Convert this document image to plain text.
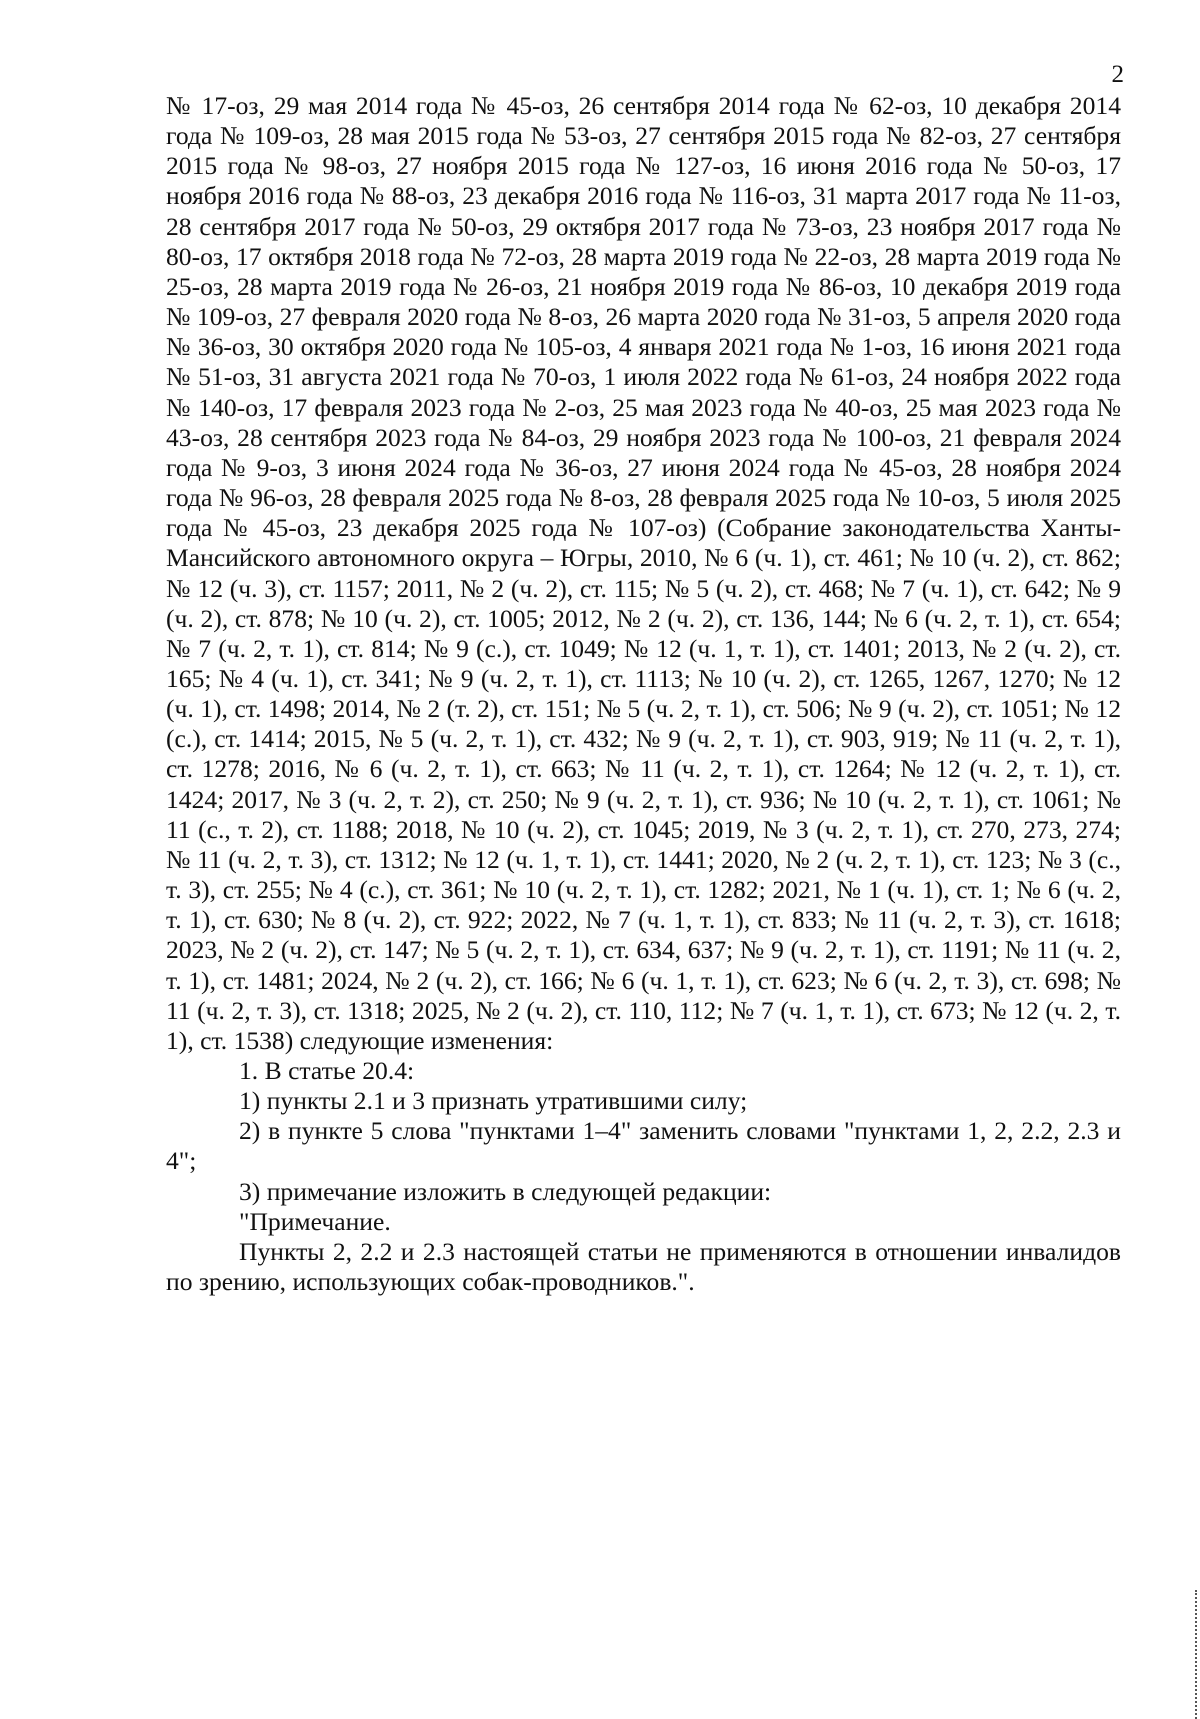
2

№ 17-оз, 29 мая 2014 года № 45-оз, 26 сентября 2014 года № 62-оз, 10 декабря 2014 года № 109-оз, 28 мая 2015 года № 53-оз, 27 сентября 2015 года № 82-оз, 27 сентября 2015 года № 98-оз, 27 ноября 2015 года № 127-оз, 16 июня 2016 года № 50-оз, 17 ноября 2016 года № 88-оз, 23 декабря 2016 года № 116-оз, 31 марта 2017 года № 11-оз, 28 сентября 2017 года № 50-оз, 29 октября 2017 года № 73-оз, 23 ноября 2017 года № 80-оз, 17 октября 2018 года № 72-оз, 28 марта 2019 года № 22-оз, 28 марта 2019 года № 25-оз, 28 марта 2019 года № 26-оз, 21 ноября 2019 года № 86-оз, 10 декабря 2019 года № 109-оз, 27 февраля 2020 года № 8-оз, 26 марта 2020 года № 31-оз, 5 апреля 2020 года № 36-оз, 30 октября 2020 года № 105-оз, 4 января 2021 года № 1-оз, 16 июня 2021 года № 51-оз, 31 августа 2021 года № 70-оз, 1 июля 2022 года № 61-оз, 24 ноября 2022 года № 140-оз, 17 февраля 2023 года № 2-оз, 25 мая 2023 года № 40-оз, 25 мая 2023 года № 43-оз, 28 сентября 2023 года № 84-оз, 29 ноября 2023 года № 100-оз, 21 февраля 2024 года № 9-оз, 3 июня 2024 года № 36-оз, 27 июня 2024 года № 45-оз, 28 ноября 2024 года № 96-оз, 28 февраля 2025 года № 8-оз, 28 февраля 2025 года № 10-оз, 5 июля 2025 года № 45-оз, 23 декабря 2025 года № 107-оз) (Собрание законодательства Ханты-Мансийского автономного округа – Югры, 2010, № 6 (ч. 1), ст. 461; № 10 (ч. 2), ст. 862; № 12 (ч. 3), ст. 1157; 2011, № 2 (ч. 2), ст. 115; № 5 (ч. 2), ст. 468; № 7 (ч. 1), ст. 642; № 9 (ч. 2), ст. 878; № 10 (ч. 2), ст. 1005; 2012, № 2 (ч. 2), ст. 136, 144; № 6 (ч. 2, т. 1), ст. 654; № 7 (ч. 2, т. 1), ст. 814; № 9 (с.), ст. 1049; № 12 (ч. 1, т. 1), ст. 1401; 2013, № 2 (ч. 2), ст. 165; № 4 (ч. 1), ст. 341; № 9 (ч. 2, т. 1), ст. 1113; № 10 (ч. 2), ст. 1265, 1267, 1270; № 12 (ч. 1), ст. 1498; 2014, № 2 (т. 2), ст. 151; № 5 (ч. 2, т. 1), ст. 506; № 9 (ч. 2), ст. 1051; № 12 (с.), ст. 1414; 2015, № 5 (ч. 2, т. 1), ст. 432; № 9 (ч. 2, т. 1), ст. 903, 919; № 11 (ч. 2, т. 1), ст. 1278; 2016, № 6 (ч. 2, т. 1), ст. 663; № 11 (ч. 2, т. 1), ст. 1264; № 12 (ч. 2, т. 1), ст. 1424; 2017, № 3 (ч. 2, т. 2), ст. 250; № 9 (ч. 2, т. 1), ст. 936; № 10 (ч. 2, т. 1), ст. 1061; № 11 (с., т. 2), ст. 1188; 2018, № 10 (ч. 2), ст. 1045; 2019, № 3 (ч. 2, т. 1), ст. 270, 273, 274; № 11 (ч. 2, т. 3), ст. 1312; № 12 (ч. 1, т. 1), ст. 1441; 2020, № 2 (ч. 2, т. 1), ст. 123; № 3 (с., т. 3), ст. 255; № 4 (с.), ст. 361; № 10 (ч. 2, т. 1), ст. 1282; 2021, № 1 (ч. 1), ст. 1; № 6 (ч. 2, т. 1), ст. 630; № 8 (ч. 2), ст. 922; 2022, № 7 (ч. 1, т. 1), ст. 833; № 11 (ч. 2, т. 3), ст. 1618; 2023, № 2 (ч. 2), ст. 147; № 5 (ч. 2, т. 1), ст. 634, 637; № 9 (ч. 2, т. 1), ст. 1191; № 11 (ч. 2, т. 1), ст. 1481; 2024, № 2 (ч. 2), ст. 166; № 6 (ч. 1, т. 1), ст. 623; № 6 (ч. 2, т. 3), ст. 698; № 11 (ч. 2, т. 3), ст. 1318; 2025, № 2 (ч. 2), ст. 110, 112; № 7 (ч. 1, т. 1), ст. 673; № 12 (ч. 2, т. 1), ст. 1538) следующие изменения:

1. В статье 20.4:

1) пункты 2.1 и 3 признать утратившими силу;

2) в пункте 5 слова "пунктами 1–4" заменить словами "пунктами 1, 2, 2.2, 2.3 и 4";

3) примечание изложить в следующей редакции:

"Примечание.

Пункты 2, 2.2 и 2.3 настоящей статьи не применяются в отношении инвалидов по зрению, использующих собак-проводников.".
